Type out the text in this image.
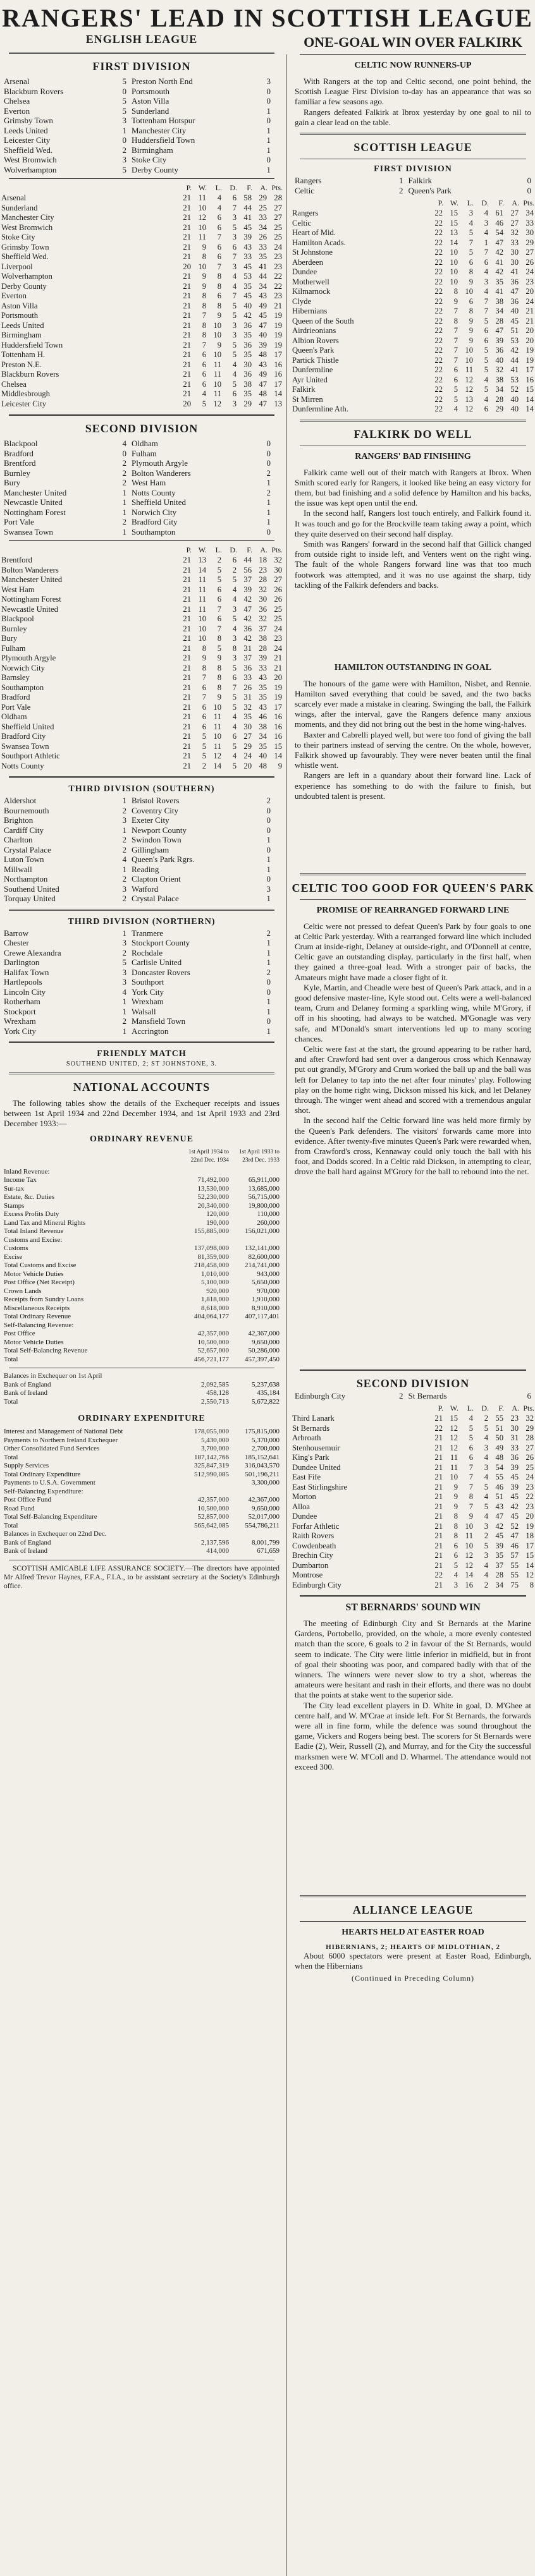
RANGERS' LEAD IN SCOTTISH LEAGUE
ENGLISH LEAGUE
FIRST DIVISION
Arsenal	5 Preston North End	3
Blackburn Rovers	0 Portsmouth	0
Chelsea	5 Aston Villa	0
Everton	5 Sunderland	1
Grimsby Town	3 Tottenham Hotspur	0
Leeds United	1 Manchester City	1
Leicester City	0 Huddersfield Town	1
Sheffield Wed.	2 Birmingham	1
West Bromwich	3 Stoke City	0
Wolverhampton	5 Derby County	1
	P.	W.	L.	D.	F.	A.	Pts.
Arsenal	21	11	4	6	58	29	28
Sunderland	21	10	4	7	44	25	27
Manchester City	21	12	6	3	41	33	27
West Bromwich	21	10	6	5	45	34	25
Stoke City	21	11	7	3	39	26	25
Grimsby Town	21	9	6	6	43	33	24
Sheffield Wed.	21	8	6	7	33	35	23
Liverpool	20	10	7	3	45	41	23
Wolverhampton	21	9	8	4	53	44	22
Derby County	21	9	8	4	35	34	22
Everton	21	8	6	7	45	43	23
Aston Villa	21	8	8	5	40	49	21
Portsmouth	21	7	9	5	42	45	19
Leeds United	21	8	10	3	36	47	19
Birmingham	21	8	10	3	35	40	19
Huddersfield Town	21	7	9	5	36	39	19
Tottenham H.	21	6	10	5	35	48	17
Preston N.E.	21	6	11	4	30	43	16
Blackburn Rovers	21	6	11	4	36	49	16
Chelsea	21	6	10	5	38	47	17
Middlesbrough	21	4	11	6	35	48	14
Leicester City	20	5	12	3	29	47	13
SECOND DIVISION
Blackpool	4 Oldham	0
Bradford	0 Fulham	0
Brentford	2 Plymouth Argyle	0
Burnley	2 Bolton Wanderers	2
Bury	2 West Ham	1
Manchester United	1 Notts County	2
Newcastle United	1 Sheffield United	1
Nottingham Forest	1 Norwich City	1
Port Vale	2 Bradford City	1
Swansea Town	1 Southampton	0
	P.	W.	L.	D.	F.	A.	Pts.
Brentford	21	13	2	6	44	18	32
Bolton Wanderers	21	14	5	2	56	23	30
Manchester United	21	11	5	5	37	28	27
West Ham	21	11	6	4	39	32	26
Nottingham Forest	21	11	6	4	42	30	26
Newcastle United	21	11	7	3	47	36	25
Blackpool	21	10	6	5	42	32	25
Burnley	21	10	7	4	36	37	24
Bury	21	10	8	3	42	38	23
Fulham	21	8	5	8	31	28	24
Plymouth Argyle	21	9	9	3	37	39	21
Norwich City	21	8	8	5	36	33	21
Barnsley	21	7	8	6	33	43	20
Southampton	21	6	8	7	26	35	19
Bradford	21	7	9	5	31	35	19
Port Vale	21	6	10	5	32	43	17
Oldham	21	6	11	4	35	46	16
Sheffield United	21	6	11	4	30	38	16
Bradford City	21	5	10	6	27	34	16
Swansea Town	21	5	11	5	29	35	15
Southport Athletic	21	5	12	4	24	40	14
Notts County	21	2	14	5	20	48	9
THIRD DIVISION (SOUTHERN)
Aldershot	1 Bristol Rovers	2
Bournemouth	2 Coventry City	0
Brighton	3 Exeter City	0
Cardiff City	1 Newport County	0
Charlton	2 Swindon Town	1
Crystal Palace	2 Gillingham	0
Luton Town	4 Queen's Park Rgrs.	1
Millwall	1 Reading	1
Northampton	2 Clapton Orient	0
Southend United	3 Watford	3
Torquay United	2 Crystal Palace	1
THIRD DIVISION (NORTHERN)
Barrow	1 Tranmere	2
Chester	3 Stockport County	1
Crewe Alexandra	2 Rochdale	1
Darlington	5 Carlisle United	1
Halifax Town	3 Doncaster Rovers	2
Hartlepools	3 Southport	0
Lincoln City	4 York City	0
Rotherham	1 Wrexham	1
Stockport	1 Walsall	1
Wrexham	2 Mansfield Town	0
York City	1 Accrington	1
FRIENDLY MATCH
SOUTHEND UNITED, 2; ST JOHNSTONE, 3.
NATIONAL ACCOUNTS

The following tables show the details of the Exchequer receipts and issues between 1st April 1934 and 22nd December 1934, and 1st April 1933 and 23rd December 1933:—

ORDINARY REVENUE
1st April 1934 to 22nd Dec. 1934
1st April 1933 to 23rd Dec. 1933
Inland Revenue:
Income Tax	71,492,000	65,911,000
Sur-tax	13,530,000	13,685,000
Estate, &c. Duties	52,230,000	56,715,000
Stamps	20,340,000	19,800,000
Excess Profits Duty	120,000	110,000
Land Tax and Mineral Rights	190,000	260,000
Total Inland Revenue	155,885,000	156,021,000
Customs and Excise:
Customs	137,098,000	132,141,000
Excise	81,359,000	82,600,000
Total Customs and Excise	218,458,000	214,741,000
Motor Vehicle Duties	1,010,000	943,000
Post Office (Net Receipt)	5,100,000	5,650,000
Crown Lands	920,000	970,000
Receipts from Sundry Loans	1,818,000	1,910,000
Miscellaneous Receipts	8,618,000	8,910,000
Total Ordinary Revenue	404,064,177	407,117,401
Self-Balancing Revenue:
Post Office	42,357,000	42,367,000
Motor Vehicle Duties	10,500,000	9,650,000
Total Self-Balancing Revenue	52,657,000	50,286,000
Total	456,721,177	457,397,450
Balances in Exchequer on 1st April
Bank of England	2,092,585	5,237,638
Bank of Ireland	458,128	435,184
Total	2,550,713	5,672,822
ORDINARY EXPENDITURE
Interest and Management of National Debt	178,055,000	175,815,000
Payments to Northern Ireland Exchequer	5,430,000	5,370,000
Other Consolidated Fund Services	3,700,000	2,700,000
Total	187,142,766	185,152,641
Supply Services	325,847,319	316,043,570
Total Ordinary Expenditure	512,990,085	501,196,211
Payments to U.S.A. Government	3,300,000
Self-Balancing Expenditure:
Post Office Fund	42,357,000	42,367,000
Road Fund	10,500,000	9,650,000
Total Self-Balancing Expenditure	52,857,000	52,017,000
Total	565,642,085	554,786,211
Balances in Exchequer on 22nd Dec.
Bank of England	2,137,596	8,001,799
Bank of Ireland	414,000	671,659

SCOTTISH AMICABLE LIFE ASSURANCE SOCIETY.—The directors have appointed Mr Alfred Trevor Haynes, F.F.A., F.I.A., to be assistant secretary at the Society's Edinburgh office.

ONE-GOAL WIN OVER FALKIRK
CELTIC NOW RUNNERS-UP

With Rangers at the top and Celtic second, one point behind, the Scottish League First Division to-day has an appearance that was so familiar a few seasons ago.

Rangers defeated Falkirk at Ibrox yesterday by one goal to nil to gain a clear lead on the table.

SCOTTISH LEAGUE
FIRST DIVISION
Rangers	1 Falkirk	0
Celtic	2 Queen's Park	0
	P.	W.	L.	D.	F.	A.	Pts.
Rangers	22	15	3	4	61	27	34
Celtic	22	15	4	3	46	27	33
Heart of Mid.	22	13	5	4	54	32	30
Hamilton Acads.	22	14	7	1	47	33	29
St Johnstone	22	10	5	7	42	30	27
Aberdeen	22	10	6	6	41	30	26
Dundee	22	10	8	4	42	41	24
Motherwell	22	10	9	3	35	36	23
Kilmarnock	22	8	10	4	41	47	20
Clyde	22	9	6	7	38	36	24
Hibernians	22	7	8	7	34	40	21
Queen of the South	22	8	9	5	28	45	21
Airdrieonians	22	7	9	6	47	51	20
Albion Rovers	22	7	9	6	39	53	20
Queen's Park	22	7	10	5	36	42	19
Partick Thistle	22	7	10	5	40	44	19
Dunfermline	22	6	11	5	32	41	17
Ayr United	22	6	12	4	38	53	16
Falkirk	22	5	12	5	34	52	15
St Mirren	22	5	13	4	28	40	14
Dunfermline Ath.	22	4	12	6	29	40	14
FALKIRK DO WELL
RANGERS' BAD FINISHING

Falkirk came well out of their match with Rangers at Ibrox. When Smith scored early for Rangers, it looked like being an easy victory for them, but bad finishing and a solid defence by Hamilton and his backs, the issue was kept open until the end.

In the second half, Rangers lost touch entirely, and Falkirk found it. It was touch and go for the Brockville team taking away a point, which they quite deserved on their second half display.

Smith was Rangers' forward in the second half that Gillick changed from outside right to inside left, and Venters went on the right wing. The fault of the whole Rangers forward line was that too much footwork was attempted, and it was no use against the sharp, tidy tackling of the Falkirk defenders and backs.

HAMILTON OUTSTANDING IN GOAL

The honours of the game were with Hamilton, Nisbet, and Rennie. Hamilton saved everything that could be saved, and the two backs scarcely ever made a mistake in clearing. Swinging the ball, the Falkirk wings, after the interval, gave the Rangers defence many anxious moments, and they did not bring out the best in the home wing-halves.

Baxter and Cabrelli played well, but were too fond of giving the ball to their partners instead of serving the centre. On the whole, however, Falkirk showed up favourably. They were never beaten until the final whistle went.

Rangers are left in a quandary about their forward line. Lack of experience has something to do with the failure to finish, but undoubted talent is present.

CELTIC TOO GOOD FOR QUEEN'S PARK
PROMISE OF REARRANGED FORWARD LINE

Celtic were not pressed to defeat Queen's Park by four goals to one at Celtic Park yesterday. With a rearranged forward line which included Crum at inside-right, Delaney at outside-right, and O'Donnell at centre, Celtic gave an outstanding display, particularly in the first half, when they gained a three-goal lead. With a stronger pair of backs, the Amateurs might have made a closer fight of it.

Kyle, Martin, and Cheadle were best of Queen's Park attack, and in a good defensive master-line, Kyle stood out. Celts were a well-balanced team, Crum and Delaney forming a sparkling wing, while M'Grory, if off in his shooting, had always to be watched. M'Gonagle was very safe, and M'Donald's smart interventions led up to many scoring chances.

Celtic were fast at the start, the ground appearing to be rather hard, and after Crawford had sent over a dangerous cross which Kennaway put out grandly, M'Grory and Crum worked the ball up and the ball was left for Delaney to tap into the net after four minutes' play. Following play on the home right wing, Dickson missed his kick, and let Delaney through. The winger went ahead and scored with a tremendous angular shot.

In the second half the Celtic forward line was held more firmly by the Queen's Park defenders. The visitors' forwards came more into evidence. After twenty-five minutes Queen's Park were rewarded when, from Crawford's cross, Kennaway could only touch the ball with his foot, and Dodds scored. In a Celtic raid Dickson, in attempting to clear, drove the ball hard against M'Grory for the ball to rebound into the net.

SECOND DIVISION
Edinburgh City	2 St Bernards	6
	P.	W.	L.	D.	F.	A.	Pts.
Third Lanark	21	15	4	2	55	23	32
St Bernards	22	12	5	5	51	30	29
Arbroath	21	12	5	4	50	31	28
Stenhousemuir	21	12	6	3	49	33	27
King's Park	21	11	6	4	48	36	26
Dundee United	21	11	7	3	54	39	25
East Fife	21	10	7	4	55	45	24
East Stirlingshire	21	9	7	5	46	39	23
Morton	21	9	8	4	51	45	22
Alloa	21	9	7	5	43	42	23
Dundee	21	8	9	4	47	45	20
Forfar Athletic	21	8	10	3	42	52	19
Raith Rovers	21	8	11	2	45	47	18
Cowdenbeath	21	6	10	5	39	46	17
Brechin City	21	6	12	3	35	57	15
Dumbarton	21	5	12	4	37	55	14
Montrose	22	4	14	4	28	55	12
Edinburgh City	21	3	16	2	34	75	8
ST BERNARDS' SOUND WIN

The meeting of Edinburgh City and St Bernards at the Marine Gardens, Portobello, provided, on the whole, a more evenly contested match than the score, 6 goals to 2 in favour of the St Bernards, would seem to indicate. The City were little inferior in midfield, but in front of goal their shooting was poor, and compared badly with that of the winners. The winners were never slow to try a shot, whereas the amateurs were hesitant and rash in their efforts, and there was no doubt that the points at stake went to the superior side.

The City lead excellent players in D. White in goal, D. M'Ghee at centre half, and W. M'Crae at inside left. For St Bernards, the forwards were all in fine form, while the defence was sound throughout the game, Vickers and Rogers being best. The scorers for St Bernards were Eadie (2), Weir, Russell (2), and Murray, and for the City the successful marksmen were W. M'Coll and D. Wharmel. The attendance would not exceed 300.

ALLIANCE LEAGUE
HEARTS HELD AT EASTER ROAD
HIBERNIANS, 2; HEARTS OF MIDLOTHIAN, 2

About 6000 spectators were present at Easter Road, Edinburgh, when the Hibernians

(Continued in Preceding Column)
